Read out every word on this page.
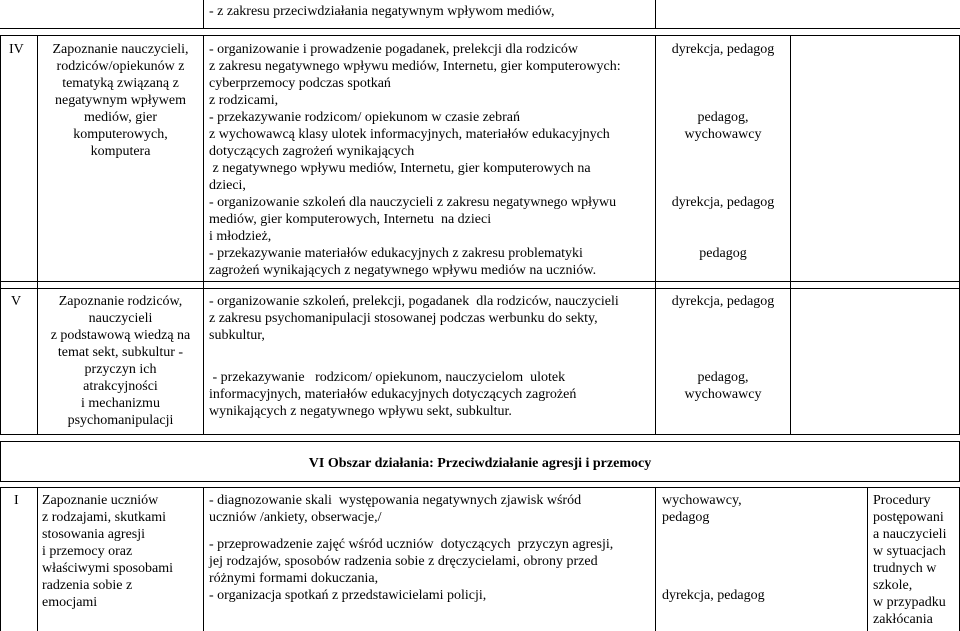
- z zakresu przeciwdziałania negatywnym wpływom mediów,
IV	Zapoznanie nauczycieli,
rodziców/opiekunów z
tematyką związaną z
negatywnym wpływem
mediów, gier
komputerowych,
komputera
- organizowanie i prowadzenie pogadanek, prelekcji dla rodziców
z zakresu negatywnego wpływu mediów, Internetu, gier komputerowych:
cyberprzemocy podczas spotkań
z rodzicami,
- przekazywanie rodzicom/ opiekunom w czasie zebrań
z wychowawcą klasy ulotek informacyjnych, materiałów edukacyjnych
dotyczących zagrożeń wynikających
z negatywnego wpływu mediów, Internetu, gier komputerowych na
dzieci,
- organizowanie szkoleń dla nauczycieli z zakresu negatywnego wpływu
mediów, gier komputerowych, Internetu  na dzieci
i młodzież,
- przekazywanie materiałów edukacyjnych z zakresu problematyki
zagrożeń wynikających z negatywnego wpływu mediów na uczniów.
dyrekcja, pedagog
pedagog,
wychowawcy
dyrekcja, pedagog
pedagog
V	Zapoznanie rodziców,
nauczycieli
z podstawową wiedzą na
temat sekt, subkultur -
przyczyn ich
atrakcyjności
i mechanizmu
psychomanipulacji
- organizowanie szkoleń, prelekcji, pogadanek  dla rodziców, nauczycieli
z zakresu psychomanipulacji stosowanej podczas werbunku do sekty,
subkultur,
- przekazywanie   rodzicom/ opiekunom, nauczycielom  ulotek
informacyjnych, materiałów edukacyjnych dotyczących zagrożeń
wynikających z negatywnego wpływu sekt, subkultur.
dyrekcja, pedagog
pedagog,
wychowawcy
VI Obszar działania: Przeciwdziałanie agresji i przemocy
I Zapoznanie uczniów
z rodzajami, skutkami
stosowania agresji
i przemocy oraz
właściwymi sposobami
radzenia sobie z
emocjami
- diagnozowanie skali  występowania negatywnych zjawisk wśród
uczniów /ankiety, obserwacje,/
- przeprowadzenie zajęć wśród uczniów  dotyczących  przyczyn agresji,
jej rodzajów, sposobów radzenia sobie z dręczycielami, obrony przed
różnymi formami dokuczania,
- organizacja spotkań z przedstawicielami policji,
wychowawcy,
pedagog
dyrekcja, pedagog
Procedury
postępowani
a nauczycieli
w sytuacjach
trudnych w
szkole,
w przypadku
zakłócania
